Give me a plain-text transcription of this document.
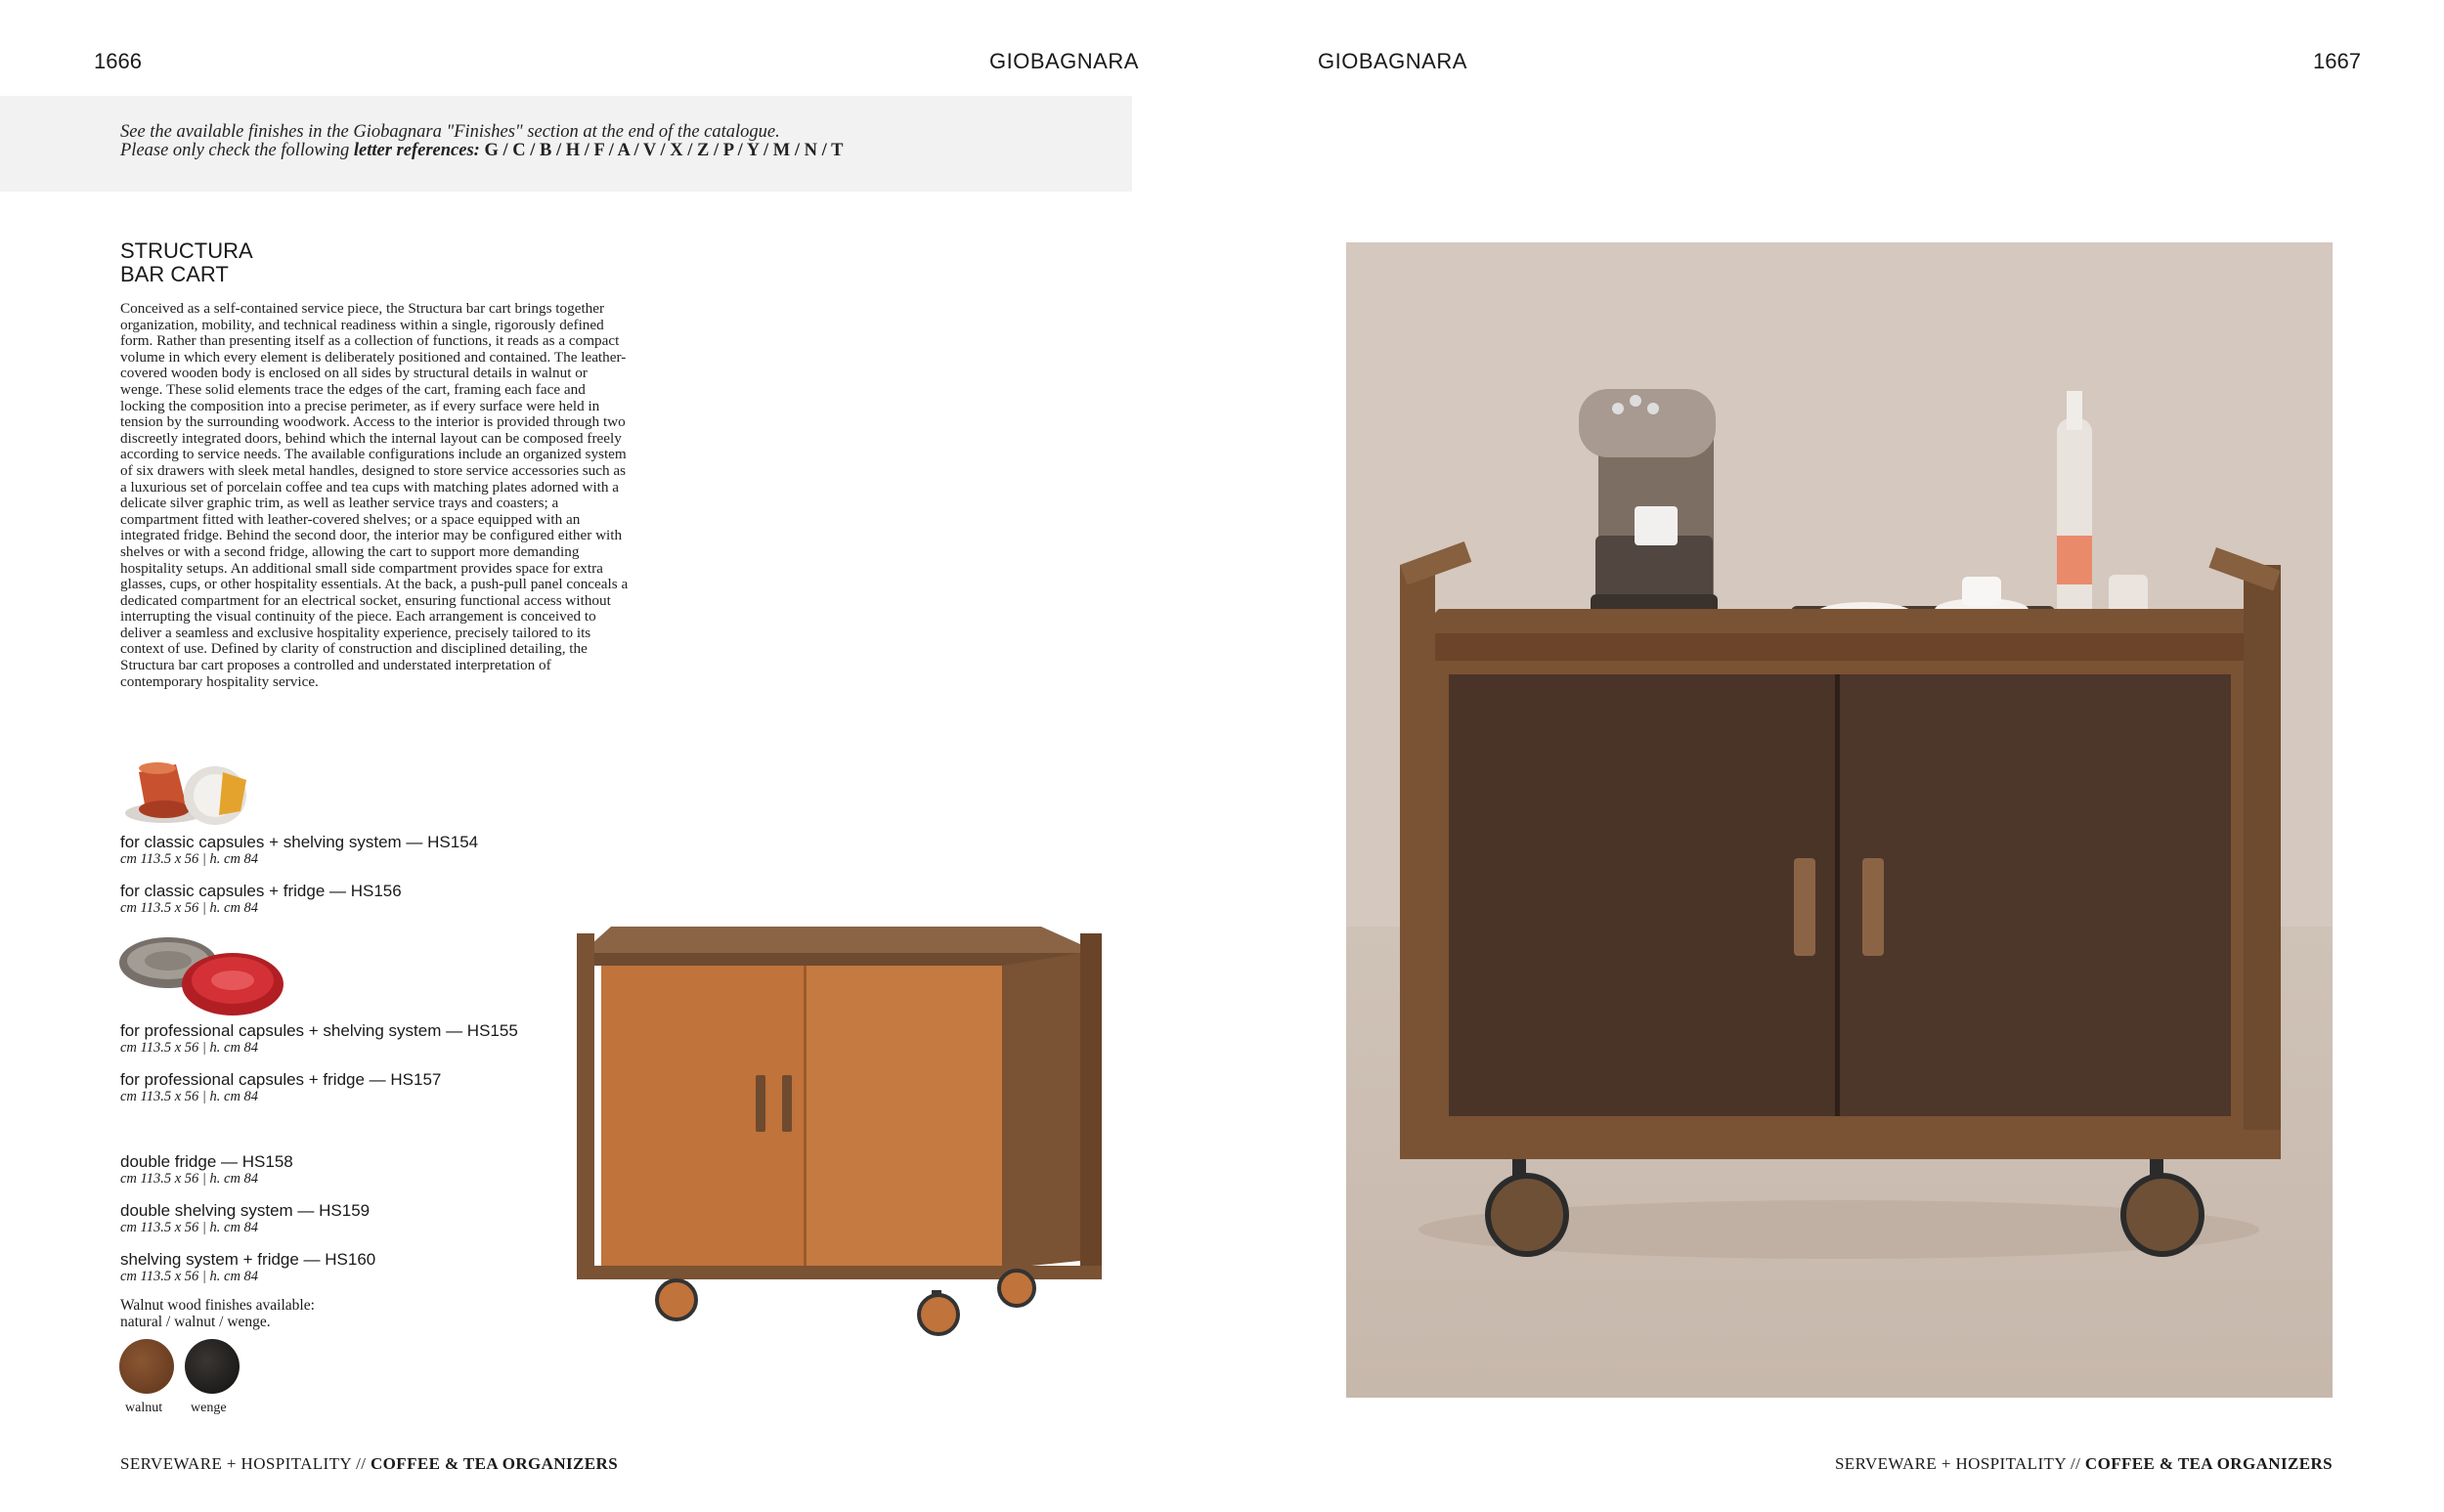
1666	GIOBAGNARA	GIOBAGNARA	1667
See the available finishes in the Giobagnara "Finishes" section at the end of the catalogue.
Please only check the following letter references: G / C / B / H / F / A / V / X / Z / P / Y / M / N / T
STRUCTURA
BAR CART
Conceived as a self-contained service piece, the Structura bar cart brings together organization, mobility, and technical readiness within a single, rigorously defined form. Rather than presenting itself as a collection of functions, it reads as a compact volume in which every element is deliberately positioned and contained. The leather-covered wooden body is enclosed on all sides by structural details in walnut or wenge. These solid elements trace the edges of the cart, framing each face and locking the composition into a precise perimeter, as if every surface were held in tension by the surrounding woodwork. Access to the interior is provided through two discreetly integrated doors, behind which the internal layout can be composed freely according to service needs. The available configurations include an organized system of six drawers with sleek metal handles, designed to store service accessories such as a luxurious set of porcelain coffee and tea cups with matching plates adorned with a delicate silver graphic trim, as well as leather service trays and coasters; a compartment fitted with leather-covered shelves; or a space equipped with an integrated fridge. Behind the second door, the interior may be configured either with shelves or with a second fridge, allowing the cart to support more demanding hospitality setups. An additional small side compartment provides space for extra glasses, cups, or other hospitality essentials. At the back, a push-pull panel conceals a dedicated compartment for an electrical socket, ensuring functional access without interrupting the visual continuity of the piece. Each arrangement is conceived to deliver a seamless and exclusive hospitality experience, precisely tailored to its context of use. Defined by clarity of construction and disciplined detailing, the Structura bar cart proposes a controlled and understated interpretation of contemporary hospitality service.
for classic capsules + shelving system — HS154
cm 113.5 x 56 | h. cm 84
for classic capsules + fridge — HS156
cm 113.5 x 56 | h. cm 84
for professional capsules + shelving system — HS155
cm 113.5 x 56 | h. cm 84
for professional capsules + fridge — HS157
cm 113.5 x 56 | h. cm 84
double fridge — HS158
cm 113.5 x 56 | h. cm 84
double shelving system — HS159
cm 113.5 x 56 | h. cm 84
shelving system + fridge — HS160
cm 113.5 x 56 | h. cm 84
Walnut wood finishes available:
natural / walnut / wenge.
walnut wenge
SERVEWARE + HOSPITALITY // COFFEE & TEA ORGANIZERS	SERVEWARE + HOSPITALITY // COFFEE & TEA ORGANIZERS
